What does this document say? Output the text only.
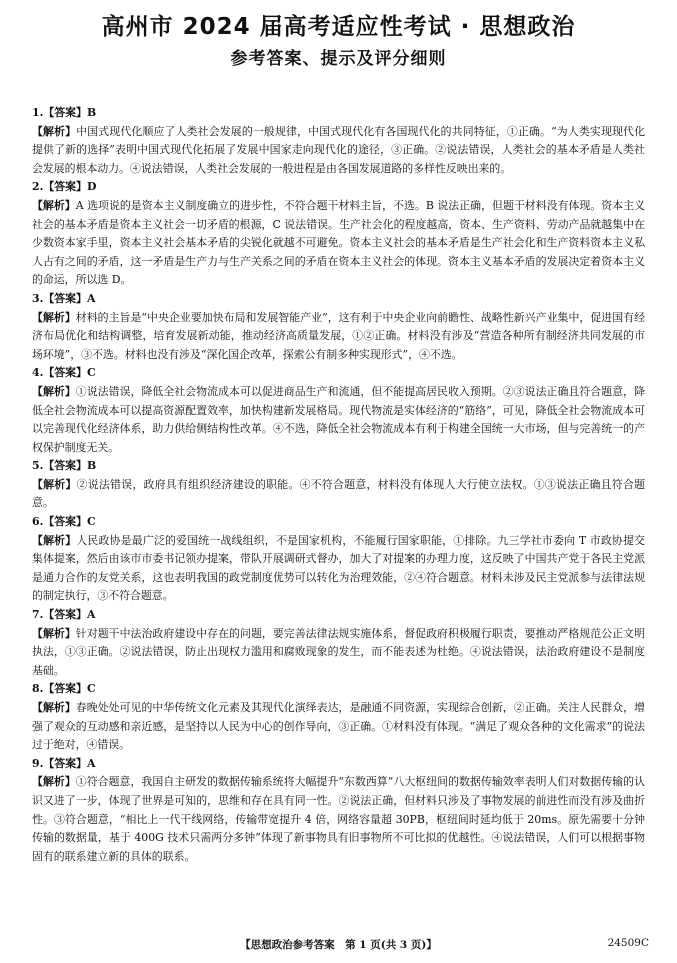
高州市 2024 届高考适应性考试 · 思想政治
参考答案、提示及评分细则
1.【答案】B
【解析】中国式现代化顺应了人类社会发展的一般规律，中国式现代化有各国现代化的共同特征，①正确。“为人类实现现代化提供了新的选择”表明中国式现代化拓展了发展中国家走向现代化的途径，③正确。②说法错误，人类社会的基本矛盾是人类社会发展的根本动力。④说法错误，人类社会发展的一般进程是由各国发展道路的多样性反映出来的。
2.【答案】D
【解析】A 选项说的是资本主义制度确立的进步性，不符合题干材料主旨，不选。B 说法正确，但题干材料没有体现。资本主义社会的基本矛盾是资本主义社会一切矛盾的根源，C 说法错误。生产社会化的程度越高，资本、生产资料、劳动产品就越集中在少数资本家手里，资本主义社会基本矛盾的尖锐化就越不可避免。资本主义社会的基本矛盾是生产社会化和生产资料资本主义私人占有之间的矛盾，这一矛盾是生产力与生产关系之间的矛盾在资本主义社会的体现。资本主义基本矛盾的发展决定着资本主义的命运，所以选 D。
3.【答案】A
【解析】材料的主旨是“中央企业要加快布局和发展智能产业”，这有利于中央企业向前瞻性、战略性新兴产业集中，促进国有经济布局优化和结构调整，培育发展新动能，推动经济高质量发展，①②正确。材料没有涉及“营造各种所有制经济共同发展的市场环境”，③不选。材料也没有涉及“深化国企改革，探索公有制多种实现形式”，④不选。
4.【答案】C
【解析】①说法错误，降低全社会物流成本可以促进商品生产和流通，但不能提高居民收入预期。②③说法正确且符合题意，降低全社会物流成本可以提高资源配置效率，加快构建新发展格局。现代物流是实体经济的“筋络”，可见，降低全社会物流成本可以完善现代化经济体系，助力供给侧结构性改革。④不选，降低全社会物流成本有利于构建全国统一大市场，但与完善统一的产权保护制度无关。
5.【答案】B
【解析】②说法错误，政府具有组织经济建设的职能。④不符合题意，材料没有体现人大行使立法权。①③说法正确且符合题意。
6.【答案】C
【解析】人民政协是最广泛的爱国统一战线组织，不是国家机构，不能履行国家职能，①排除。九三学社市委向 T 市政协提交集体提案，然后由该市市委书记领办提案，带队开展调研式督办，加大了对提案的办理力度，这反映了中国共产党于各民主党派是通力合作的友党关系，这也表明我国的政党制度优势可以转化为治理效能，②④符合题意。材料未涉及民主党派参与法律法规的制定执行，③不符合题意。
7.【答案】A
【解析】针对题干中法治政府建设中存在的问题，要完善法律法规实施体系，督促政府积极履行职责，要推动严格规范公正文明执法，①③正确。②说法错误，防止出现权力滥用和腐败现象的发生，而不能表述为杜绝。④说法错误，法治政府建设不是制度基础。
8.【答案】C
【解析】春晚处处可见的中华传统文化元素及其现代化演绎表达，是融通不同资源，实现综合创新，②正确。关注人民群众，增强了观众的互动感和亲近感，是坚持以人民为中心的创作导向，③正确。①材料没有体现。“满足了观众各种的文化需求”的说法过于绝对，④错误。
9.【答案】A
【解析】①符合题意，我国自主研发的数据传输系统将大幅提升“东数西算”八大枢纽间的数据传输效率表明人们对数据传输的认识又进了一步，体现了世界是可知的，思维和存在具有同一性。②说法正确，但材料只涉及了事物发展的前进性而没有涉及曲折性。③符合题意，“相比上一代干线网络，传输带宽提升 4 倍，网络容量超 30PB，枢纽间时延均低于 20ms。原先需要十分钟传输的数据量，基于 400G 技术只需两分多钟”体现了新事物具有旧事物所不可比拟的优越性。④说法错误，人们可以根据事物固有的联系建立新的具体的联系。
【思想政治参考答案　第 1 页(共 3 页)】	24509C
